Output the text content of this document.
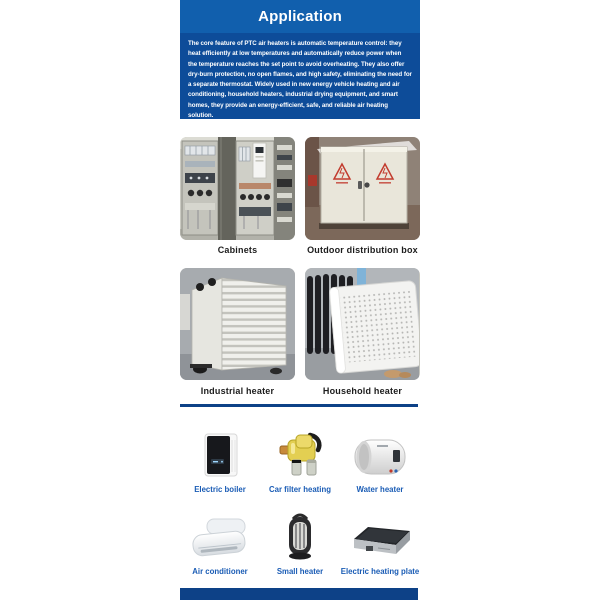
Application

The core feature of PTC air heaters is automatic temperature control: they heat efficiently at low temperatures and automatically reduce power when the temperature reaches the set point to avoid overheating. They also offer dry-burn protection, no open flames, and high safety, eliminating the need for a separate thermostat. Widely used in new energy vehicle heating and air conditioning, household heaters, industrial drying equipment, and smart homes, they provide an energy-efficient, safe, and reliable air heating solution.

Cabinets	Outdoor distribution box
Industrial heater	Household heater
Electric boiler	Car filter heating	Water heater
Air conditioner	Small heater Electric heating plate
